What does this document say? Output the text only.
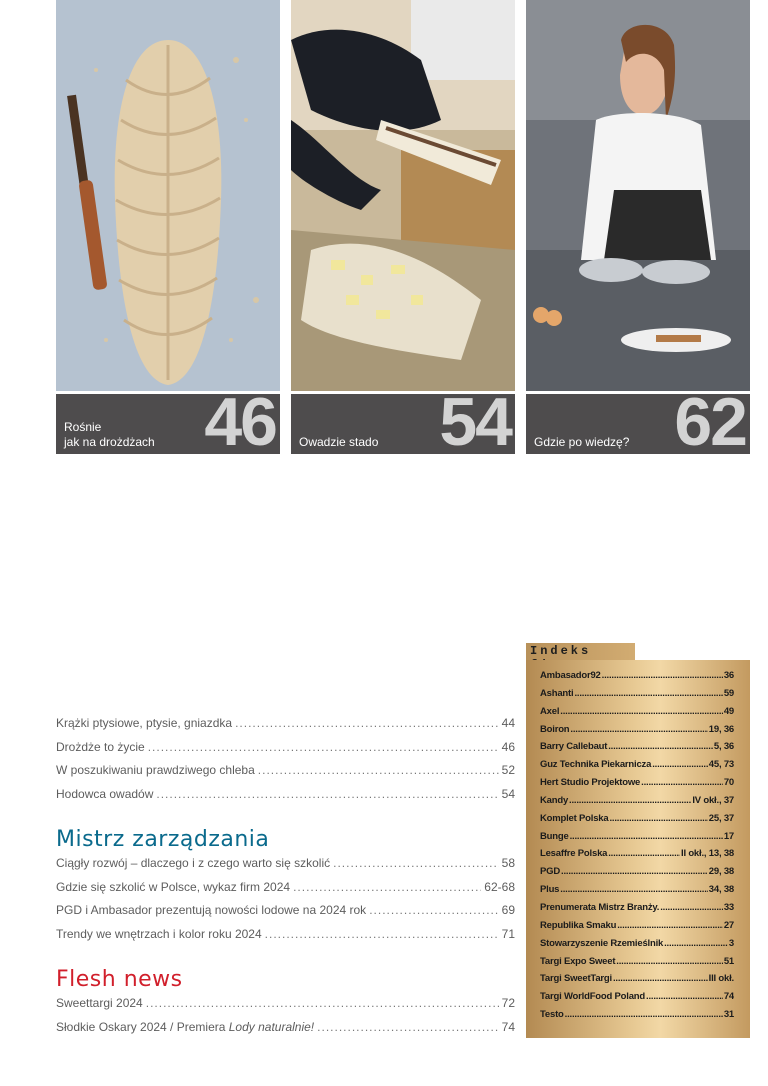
Rośnie
jak na drożdżach 46 Owadzie stado 54 Gdzie po wiedzę? 62
Krążki ptysiowe, ptysie, gniazdka .....	44
Drożdże to życie .....	46
W poszukiwaniu prawdziwego chleba .....	52
Hodowca owadów .....	54
Mistrz zarządzania
Ciągły rozwój – dlaczego i z czego warto się szkolić .....	58
Gdzie się szkolić w Polsce, wykaz firm 2024 .....	62-68
PGD i Ambasador prezentują nowości lodowe na 2024 rok .....	69
Trendy we wnętrzach i kolor roku 2024 .....	71
Flesh news
Sweettargi 2024 .....	72
Słodkie Oskary 2024 / Premiera Lody naturalnie! .....	74
Indeks
Ambasador92 .....	36
Ashanti .....	59
Axel .....	49
Boiron .....	19, 36
Barry Callebaut .....	5, 36
Guz Technika Piekarnicza .....	45, 73
Hert Studio Projektowe .....	70
Kandy .....	IV okł., 37
Komplet Polska .....	25, 37
Bunge .....	17
Lesaffre Polska .....	II okł., 13, 38
PGD .....	29, 38
Plus .....	34, 38
Prenumerata Mistrz Branży. .....	33
Republika Smaku .....	27
Stowarzyszenie Rzemieślnik .....	3
Targi Expo Sweet .....	51
Targi SweetTargi .....	III okł.
Targi WorldFood Poland .....	74
Testo .....	31
